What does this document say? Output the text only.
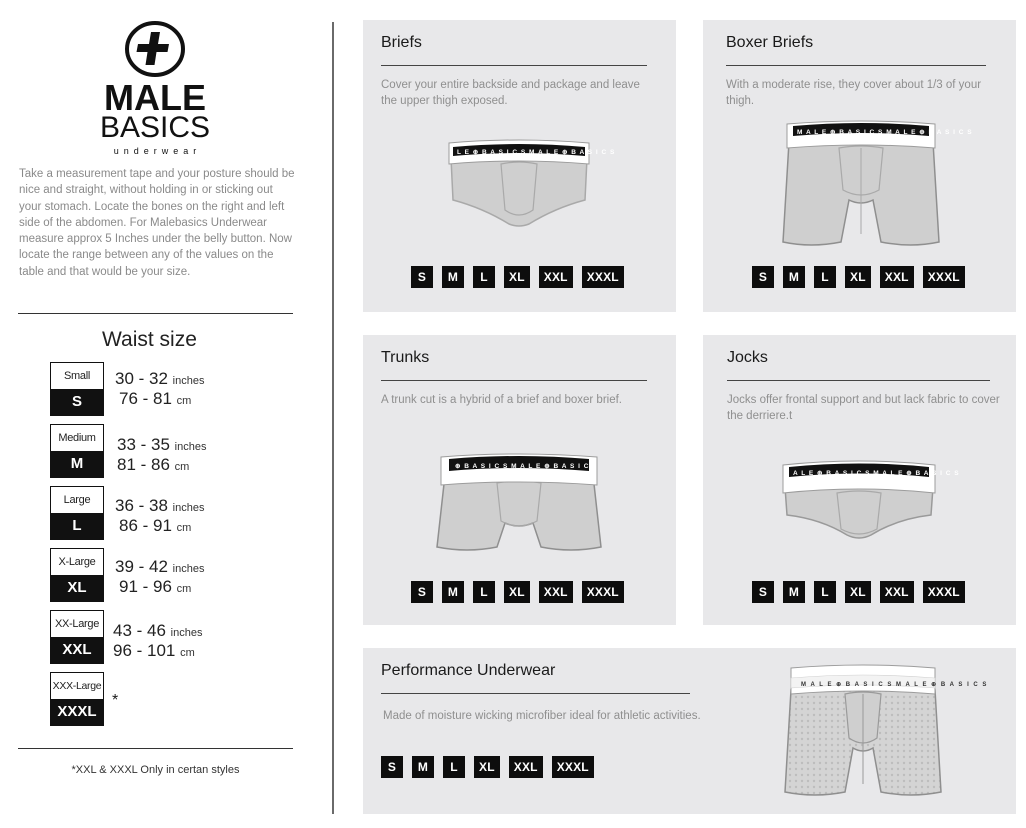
MALE
BASICS
underwear
Take a measurement tape and your posture should be nice and straight, without holding in or sticking out your stomach. Locate the bones on the right and left side of the abdomen. For Malebasics Underwear measure approx 5 Inches under the belly button. Now locate the range between any of the values on the table and that would be your size.
Waist size
Small
S
30 - 32 inches
76 - 81 cm
Medium
M
33 - 35 inches
81 - 86 cm
Large
L
36 - 38 inches
86 - 91 cm
X-Large
XL
39 - 42 inches
91 - 96 cm
XX-Large
XXL
43 - 46 inches
96 - 101 cm
XXX-Large
XXXL
*
*XXL & XXXL Only in certan styles
Briefs
Cover your entire backside and package and leave the upper thigh exposed.
L E ⊕ B A S I C S M A L E ⊕ B A S I C S
S	M	L	XL	XXL	XXXL
Boxer Briefs
With a moderate rise, they cover about 1/3 of your thigh.
M A L E ⊕ B A S I C S M A L E ⊕ B A S I C S
S	M	L	XL	XXL	XXXL
Trunks
A trunk cut is a hybrid of a brief and boxer brief.
⊕ B A S I C S M A L E ⊕ B A S I C S
S	M	L	XL	XXL	XXXL
Jocks
Jocks offer frontal support and but lack fabric to cover the derriere.t
A L E ⊕ B A S I C S M A L E ⊕ B A S I C S
S	M	L	XL	XXL	XXXL
Performance Underwear
Made of moisture wicking microfiber ideal for athletic activities.
S	M	L	XL	XXL	XXXL
M A L E ⊕ B A S I C S M A L E ⊕ B A S I C S
